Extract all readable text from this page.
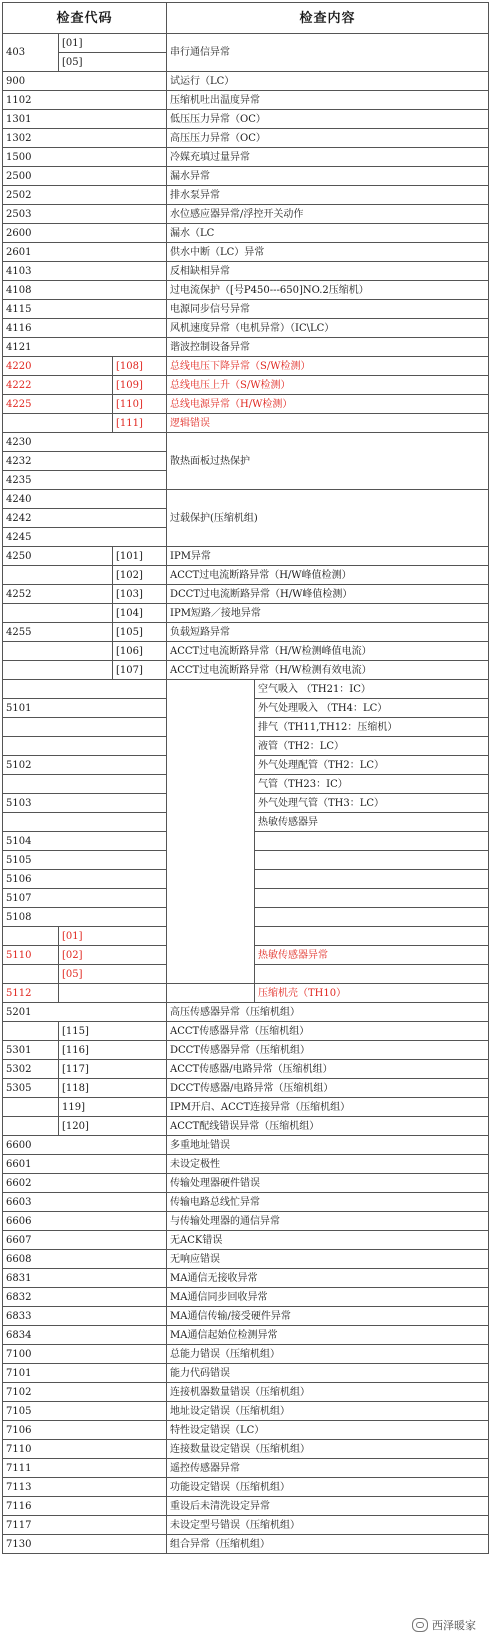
检查代码			检查内容		
403	[01]		串行通信异常		
	[05]				
900			试运行（LC）		
1102			压缩机吐出温度异常		
1301			低压压力异常（OC）		
1302			高压压力异常（OC）		
1500			冷媒充填过量异常		
2500			漏水异常		
2502			排水泵异常		
2503			水位感应器异常/浮控开关动作		
2600			漏水（LC		
2601			供水中断（LC）异常		
4103			反相缺相异常		
4108			过电流保护（[号P450---650]NO.2压缩机）		
4115			电源同步信号异常		
4116			风机速度异常（电机异常）（IC\LC）		
4121			谐波控制设备异常		
4220		[108]	总线电压下降异常（S/W检测）		
4222		[109]	总线电压上升（S/W检测）		
4225		[110]	总线电源异常（H/W检测）		
		[111]	逻辑错误		
4230			散热面板过热保护		
4232					
4235					
4240			过载保护(压缩机组)		
4242					
4245					
4250		[101]	IPM异常		
		[102]	ACCT过电流断路异常（H/W峰值检测）		
4252		[103]	DCCT过电流断路异常（H/W峰值检测）		
		[104]	IPM短路／接地异常		
4255		[105]	负载短路异常		
		[106]	ACCT过电流断路异常（H/W检测峰值电流）		
		[107]	ACCT过电流断路异常（H/W检测有效电流）		
				空气吸入 （TH21：IC）	
5101				外气处理吸入 （TH4：LC）	
				排气（TH11,TH12：压缩机）	
				液管（TH2：LC）	
5102				外气处理配管（TH2：LC）	
				气管（TH23：IC）	
5103				外气处理气管（TH3：LC）	
				热敏传感器异	
5104		
5105		
5106		
5107		
5108		
	[01]		
5110	[02]			热敏传感器异常	
	[05]				
5112				压缩机壳（TH10）	
5201			高压传感器异常（压缩机组）		
	[115]		ACCT传感器异常（压缩机组）		
5301	[116]		DCCT传感器异常（压缩机组）		
5302	[117]		ACCT传感器/电路异常（压缩机组）		
5305	[118]		DCCT传感器/电路异常（压缩机组）		
	119]		IPM开启、ACCT连接异常（压缩机组）		
	[120]		ACCT配线错误异常（压缩机组）		
6600			多重地址错误		
6601			未设定极性		
6602			传输处理器硬件错误		
6603			传输电路总线忙异常		
6606			与传输处理器的通信异常		
6607			无ACK错误		
6608			无响应错误		
6831			MA通信无接收异常		
6832			MA通信同步回收异常		
6833			MA通信传输/接受硬件异常		
6834			MA通信起始位检测异常		
7100			总能力错误（压缩机组）		
7101			能力代码错误		
7102			连接机器数量错误（压缩机组）		
7105			地址设定错误（压缩机组）		
7106			特性设定错误（LC）		
7110			连接数量设定错误（压缩机组）		
7111			遥控传感器异常		
7113			功能设定错误（压缩机组）		
7116			重设后未清洗设定异常		
7117			未设定型号错误（压缩机组）		
7130			组合异常（压缩机组）		
西泽暖家
